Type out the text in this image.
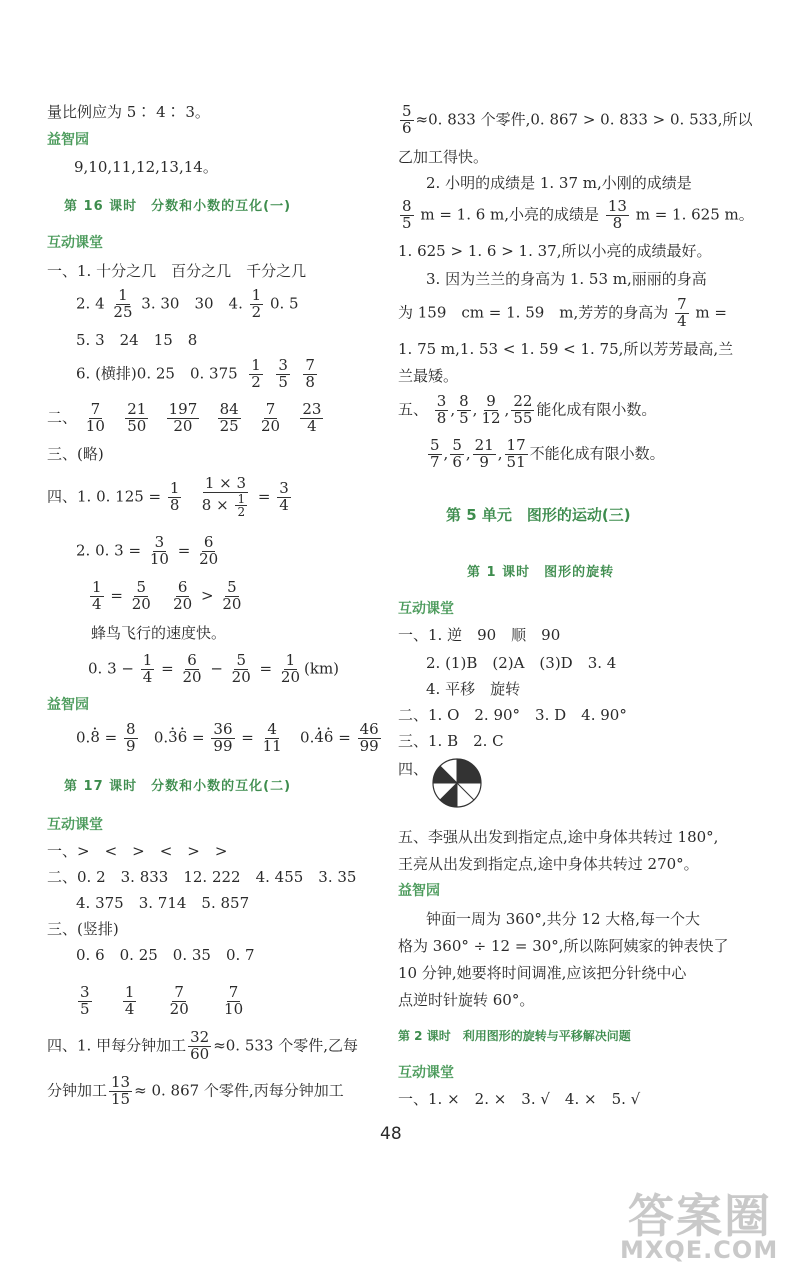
量比例应为 5∶ 4∶ 3。
益智园
9,10,11,12,13,14。
第 16 课时　分数和小数的互化(一)
互动课堂
一、1. 十分之几　百分之几　千分之几
2. $4 \frac{1}{25} 3$. 30　30　4. $\frac{1}{2} 0$. 5
5. 3　24　15　8
6. (横排)0. 25　0. $375 \frac{1}{2}$
$\frac{3}{5}$
$\frac{7}{8}$
二、 $\frac{7}{10}$
$\frac{21}{50}$
$\frac{197}{20}$
$\frac{84}{25}$
$\frac{7}{20}$
$\frac{23}{4}$
三、(略)
四、1. 0. $125 = \frac{1}{8}$
$\frac{1 \times 3}{8 \times \frac{1}{2}} = \frac{3}{4}$
2. 0. $3 = \frac{3}{10} = \frac{6}{20}$
$\frac{1}{4} = \frac{5}{20}$
$\frac{6}{20} > \frac{5}{20}$
蜂鸟飞行的速度快。
0. $3 - \frac{1}{4} = \frac{6}{20} - \frac{5}{20} = \frac{1}{20} (km)$
益智园
0.8 · = $\frac{8}{9} 0.3 \cdot 6$ · = $\frac{36}{99} = \frac{4}{11} 0.4 \cdot 6$ · = $\frac{46}{99}$
第 17 课时　分数和小数的互化(二)
互动课堂
一、>　<　>　<　>　>
二、0. 2　3. 833　12. 222　4. 455　3. 35
4. 375　3. 714　5. 857
三、(竖排)
0. 6　0. 25　0. 35　0. 7
$\frac{3}{5}$
   $\frac{1}{4}$
   $\frac{7}{20}$
   $\frac{7}{10}$
四、1. 甲每分钟加工 $\frac{32}{60} \approx 0$. 533 个零件,乙每
分钟加工 $\frac{13}{15} \approx 0$. 867 个零件,丙每分钟加工
$\frac{5}{6} \approx 0$. 833 个零件,0. 867 > 0. 833 > 0. 533,所以
乙加工得快。
2. 小明的成绩是 1. 37 m,小刚的成绩是
$\frac{8}{5}$ m = 1. 6 m,小亮的成绩是 $\frac{13}{8}$ m = 1. 625 m。
1. 625 > 1. 6 > 1. 37,所以小亮的成绩最好。
3. 因为兰兰的身高为 1. 53 m,丽丽的身高
为 159　cm = 1. 59　m,芳芳的身高为 $\frac{7}{4}$ m =
1. 75 m,1. 53 < 1. 59 < 1. 75,所以芳芳最高,兰
兰最矮。
五、 $\frac{3}{8}$ , $\frac{8}{5}$ , $\frac{9}{12}$ , $\frac{22}{55}$ 能化成有限小数。
$\frac{5}{7}$ , $\frac{5}{6}$ , $\frac{21}{9}$ , $\frac{17}{51}$ 不能化成有限小数。
第 5 单元　图形的运动(三)
第 1 课时　图形的旋转
互动课堂
一、1. 逆　90　顺　90
2. (1)B　(2)A　(3)D　3. 4
4. 平移　旋转
二、1. O　2. 90°　3. D　4. 90°
三、1. B　2. C
四、
五、李强从出发到指定点,途中身体共转过 180°,
王亮从出发到指定点,途中身体共转过 270°。
益智园
钟面一周为 360°,共分 12 大格,每一个大
格为 360° ÷ 12 = 30°,所以陈阿姨家的钟表快了
10 分钟,她要将时间调准,应该把分针绕中心
点逆时针旋转 60°。
第 2 课时　利用图形的旋转与平移解决问题
互动课堂
一、1. ×　2. ×　3. √　4. ×　5. √
48
答案圈
MXQE.COM
